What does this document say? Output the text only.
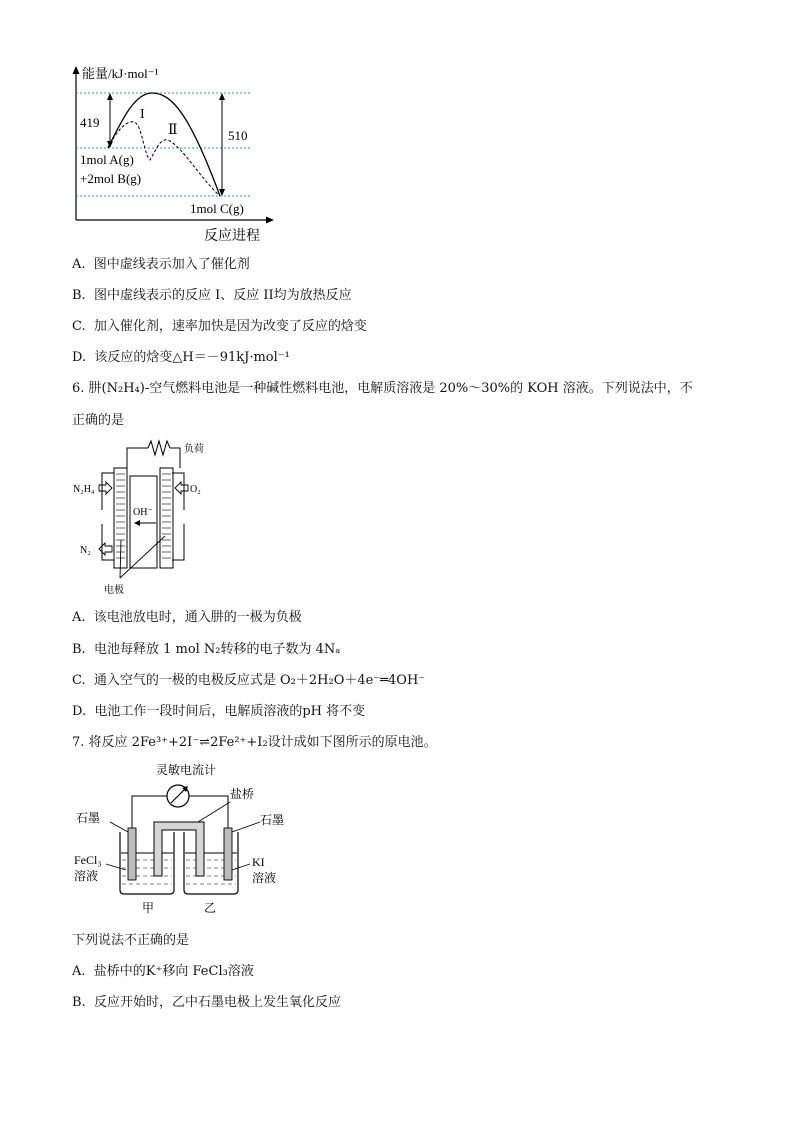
能量/kJ·mol⁻¹
419
510
I
Ⅱ
1mol A(g)
+2mol B(g)
1mol C(g)
反应进程
A. 图中虚线表示加入了催化剂
B. 图中虚线表示的反应 I、反应 II均为放热反应
C. 加入催化剂，速率加快是因为改变了反应的焓变
D. 该反应的焓变△H＝－91kJ·mol⁻¹
6. 肼(N₂H₄)-空气燃料电池是一种碱性燃料电池，电解质溶液是 20%～30%的 KOH 溶液。下列说法中，不
正确的是
负荷
N₂H₄	O₂
OH⁻
N₂
电极
A. 该电池放电时，通入肼的一极为负极
B. 电池每释放 1 mol N₂转移的电子数为 4Nₐ
C. 通入空气的一极的电极反应式是 O₂＋2H₂O＋4e⁻═4OH⁻
D. 电池工作一段时间后，电解质溶液的pH 将不变
7. 将反应 2Fe³⁺+2I⁻⇌2Fe²⁺+I₂设计成如下图所示的原电池。
灵敏电流计
盐桥
石墨	石墨
FeCl₃
溶液
KI
溶液
甲	乙
下列说法不正确的是
A. 盐桥中的K⁺移向 FeCl₃溶液
B. 反应开始时，乙中石墨电极上发生氧化反应
